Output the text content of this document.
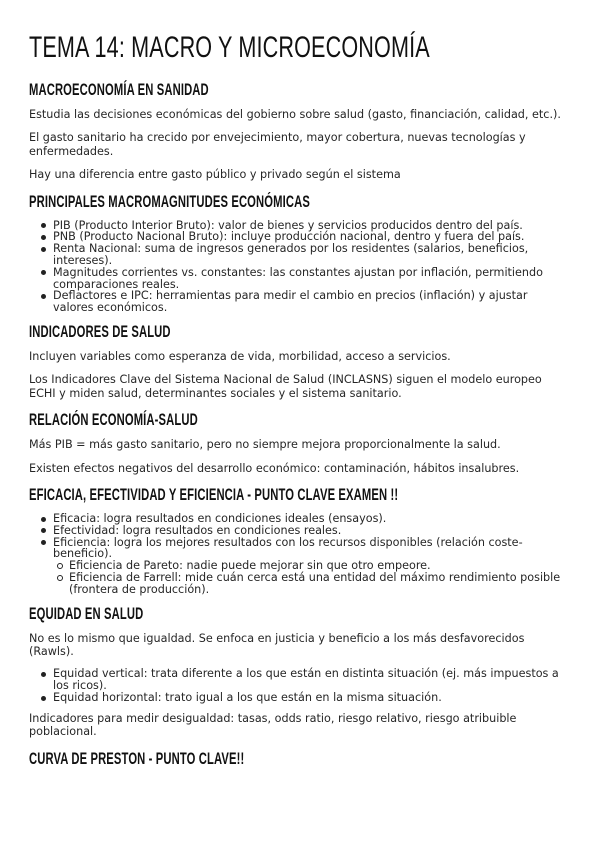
TEMA 14: MACRO Y MICROECONOMÍA
MACROECONOMÍA EN SANIDAD

Estudia las decisiones económicas del gobierno sobre salud (gasto, financiación, calidad, etc.).

El gasto sanitario ha crecido por envejecimiento, mayor cobertura, nuevas tecnologías y enfermedades.

Hay una diferencia entre gasto público y privado según el sistema

PRINCIPALES MACROMAGNITUDES ECONÓMICAS
PIB (Producto Interior Bruto): valor de bienes y servicios producidos dentro del país.
PNB (Producto Nacional Bruto): incluye producción nacional, dentro y fuera del país.
Renta Nacional: suma de ingresos generados por los residentes (salarios, beneficios, intereses).
Magnitudes corrientes vs. constantes: las constantes ajustan por inflación, permitiendo comparaciones reales.
Deflactores e IPC: herramientas para medir el cambio en precios (inflación) y ajustar valores económicos.
INDICADORES DE SALUD

Incluyen variables como esperanza de vida, morbilidad, acceso a servicios.

Los Indicadores Clave del Sistema Nacional de Salud (INCLASNS) siguen el modelo europeo ECHI y miden salud, determinantes sociales y el sistema sanitario.

RELACIÓN ECONOMÍA-SALUD

Más PIB = más gasto sanitario, pero no siempre mejora proporcionalmente la salud.

Existen efectos negativos del desarrollo económico: contaminación, hábitos insalubres.

EFICACIA, EFECTIVIDAD Y EFICIENCIA - PUNTO CLAVE EXAMEN !!
Eficacia: logra resultados en condiciones ideales (ensayos).
Efectividad: logra resultados en condiciones reales.
Eficiencia: logra los mejores resultados con los recursos disponibles (relación coste-beneficio).
Eficiencia de Pareto: nadie puede mejorar sin que otro empeore.
Eficiencia de Farrell: mide cuán cerca está una entidad del máximo rendimiento posible (frontera de producción).
EQUIDAD EN SALUD

No es lo mismo que igualdad. Se enfoca en justicia y beneficio a los más desfavorecidos (Rawls).

Equidad vertical: trata diferente a los que están en distinta situación (ej. más impuestos a los ricos).
Equidad horizontal: trato igual a los que están en la misma situación.

Indicadores para medir desigualdad: tasas, odds ratio, riesgo relativo, riesgo atribuible poblacional.

CURVA DE PRESTON - PUNTO CLAVE!!
